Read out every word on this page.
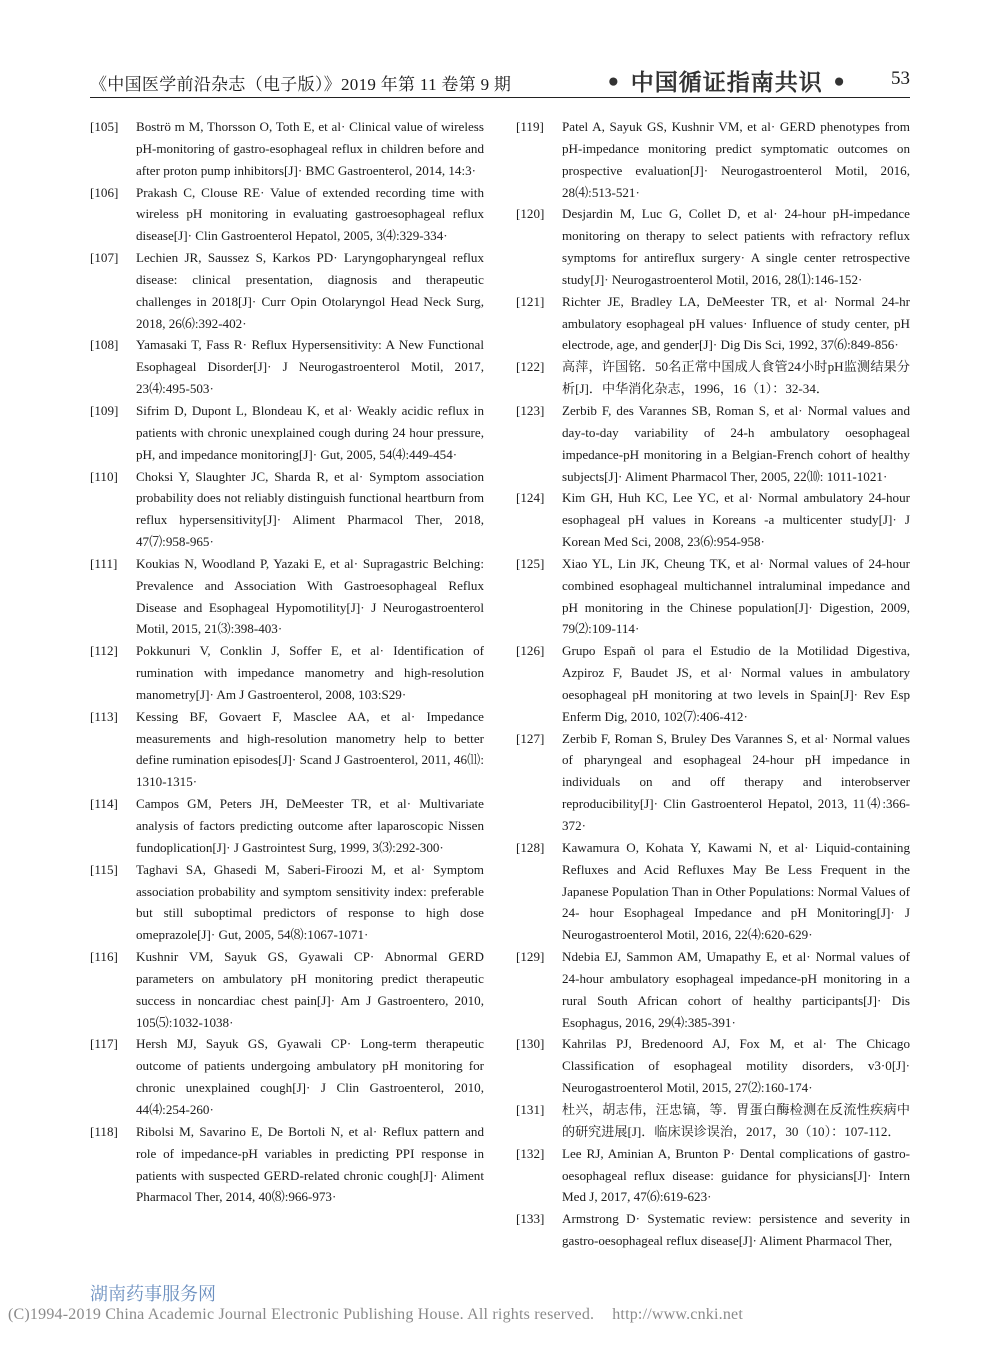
《中国医学前沿杂志（电子版）》2019 年第 11 卷第 9 期	• 中国循证指南共识 • 53
[105]	Boströ m M, Thorsson O, Toth E, et al· Clinical value of wireless pH-monitoring of gastro-esophageal reflux in children before and after proton pump inhibitors[J]· BMC Gastroenterol, 2014, 14:3·
[106]	Prakash C, Clouse RE· Value of extended recording time with wireless pH monitoring in evaluating gastroesophageal reflux disease[J]· Clin Gastroenterol Hepatol, 2005, 3⑷:329-334·
[107]	Lechien JR, Saussez S, Karkos PD· Laryngopharyngeal reflux disease: clinical presentation, diagnosis and therapeutic challenges in 2018[J]· Curr Opin Otolaryngol Head Neck Surg, 2018, 26⑹:392-402·
[108]	Yamasaki T, Fass R· Reflux Hypersensitivity: A New Functional Esophageal Disorder[J]· J Neurogastroenterol Motil, 2017, 23⑷:495-503·
[109]	Sifrim D, Dupont L, Blondeau K, et al· Weakly acidic reflux in patients with chronic unexplained cough during 24 hour pressure, pH, and impedance monitoring[J]· Gut, 2005, 54⑷:449-454·
[110]	Choksi Y, Slaughter JC, Sharda R, et al· Symptom association probability does not reliably distinguish functional heartburn from reflux hypersensitivity[J]· Aliment Pharmacol Ther, 2018, 47⑺:958-965·
[111]	Koukias N, Woodland P, Yazaki E, et al· Supragastric Belching: Prevalence and Association With Gastroesophageal Reflux Disease and Esophageal Hypomotility[J]· J Neurogastroenterol Motil, 2015, 21⑶:398-403·
[112]	Pokkunuri V, Conklin J, Soffer E, et al· Identification of rumination with impedance manometry and high-resolution manometry[J]· Am J Gastroenterol, 2008, 103:S29·
[113]	Kessing BF, Govaert F, Masclee AA, et al· Impedance measurements and high-resolution manometry help to better define rumination episodes[J]· Scand J Gastroenterol, 2011, 46⑾: 1310-1315·
[114]	Campos GM, Peters JH, DeMeester TR, et al· Multivariate analysis of factors predicting outcome after laparoscopic Nissen fundoplication[J]· J Gastrointest Surg, 1999, 3⑶:292-300·
[115]	Taghavi SA, Ghasedi M, Saberi-Firoozi M, et al· Symptom association probability and symptom sensitivity index: preferable but still suboptimal predictors of response to high dose omeprazole[J]· Gut, 2005, 54⑻:1067-1071·
[116]	Kushnir VM, Sayuk GS, Gyawali CP· Abnormal GERD parameters on ambulatory pH monitoring predict therapeutic success in noncardiac chest pain[J]· Am J Gastroentero, 2010, 105⑸:1032-1038·
[117]	Hersh MJ, Sayuk GS, Gyawali CP· Long-term therapeutic outcome of patients undergoing ambulatory pH monitoring for chronic unexplained cough[J]· J Clin Gastroenterol, 2010, 44⑷:254-260·
[118]	Ribolsi M, Savarino E, De Bortoli N, et al· Reflux pattern and role of impedance-pH variables in predicting PPI response in patients with suspected GERD-related chronic cough[J]· Aliment Pharmacol Ther, 2014, 40⑻:966-973·
[119]	Patel A, Sayuk GS, Kushnir VM, et al· GERD phenotypes from pH-impedance monitoring predict symptomatic outcomes on prospective evaluation[J]· Neurogastroenterol Motil, 2016, 28⑷:513-521·
[120]	Desjardin M, Luc G, Collet D, et al· 24-hour pH-impedance monitoring on therapy to select patients with refractory reflux symptoms for antireflux surgery· A single center retrospective study[J]· Neurogastroenterol Motil, 2016, 28⑴:146-152·
[121]	Richter JE, Bradley LA, DeMeester TR, et al· Normal 24-hr ambulatory esophageal pH values· Influence of study center, pH electrode, age, and gender[J]· Dig Dis Sci, 1992, 37⑹:849-856·
[122]	高萍，许国铭．50名正常中国成人食管24小时pH监测结果分析[J]．中华消化杂志，1996，16（1）：32-34．
[123]	Zerbib F, des Varannes SB, Roman S, et al· Normal values and day-to-day variability of 24-h ambulatory oesophageal impedance-pH monitoring in a Belgian-French cohort of healthy subjects[J]· Aliment Pharmacol Ther, 2005, 22⑽: 1011-1021·
[124]	Kim GH, Huh KC, Lee YC, et al· Normal ambulatory 24-hour esophageal pH values in Koreans -a multicenter study[J]· J Korean Med Sci, 2008, 23⑹:954-958·
[125]	Xiao YL, Lin JK, Cheung TK, et al· Normal values of 24-hour combined esophageal multichannel intraluminal impedance and pH monitoring in the Chinese population[J]· Digestion, 2009, 79⑵:109-114·
[126]	Grupo Españ ol para el Estudio de la Motilidad Digestiva, Azpiroz F, Baudet JS, et al· Normal values in ambulatory oesophageal pH monitoring at two levels in Spain[J]· Rev Esp Enferm Dig, 2010, 102⑺:406-412·
[127]	Zerbib F, Roman S, Bruley Des Varannes S, et al· Normal values of pharyngeal and esophageal 24-hour pH impedance in individuals on and off therapy and interobserver reproducibility[J]· Clin Gastroenterol Hepatol, 2013, 11⑷:366-372·
[128]	Kawamura O, Kohata Y, Kawami N, et al· Liquid-containing Refluxes and Acid Refluxes May Be Less Frequent in the Japanese Population Than in Other Populations: Normal Values of 24- hour Esophageal Impedance and pH Monitoring[J]· J Neurogastroenterol Motil, 2016, 22⑷:620-629·
[129]	Ndebia EJ, Sammon AM, Umapathy E, et al· Normal values of 24-hour ambulatory esophageal impedance-pH monitoring in a rural South African cohort of healthy participants[J]· Dis Esophagus, 2016, 29⑷:385-391·
[130]	Kahrilas PJ, Bredenoord AJ, Fox M, et al· The Chicago Classification of esophageal motility disorders, v3·0[J]· Neurogastroenterol Motil, 2015, 27⑵:160-174·
[131]	杜兴，胡志伟，汪忠镐，等．胃蛋白酶检测在反流性疾病中的研究进展[J]．临床误诊误治，2017，30（10）：107-112．
[132]	Lee RJ, Aminian A, Brunton P· Dental complications of gastro-oesophageal reflux disease: guidance for physicians[J]· Intern Med J, 2017, 47⑹:619-623·
[133]	Armstrong D· Systematic review: persistence and severity in gastro-oesophageal reflux disease[J]· Aliment Pharmacol Ther,
湖南药事服务网
(C)1994-2019 China Academic Journal Electronic Publishing House. All rights reserved. http://www.cnki.net
